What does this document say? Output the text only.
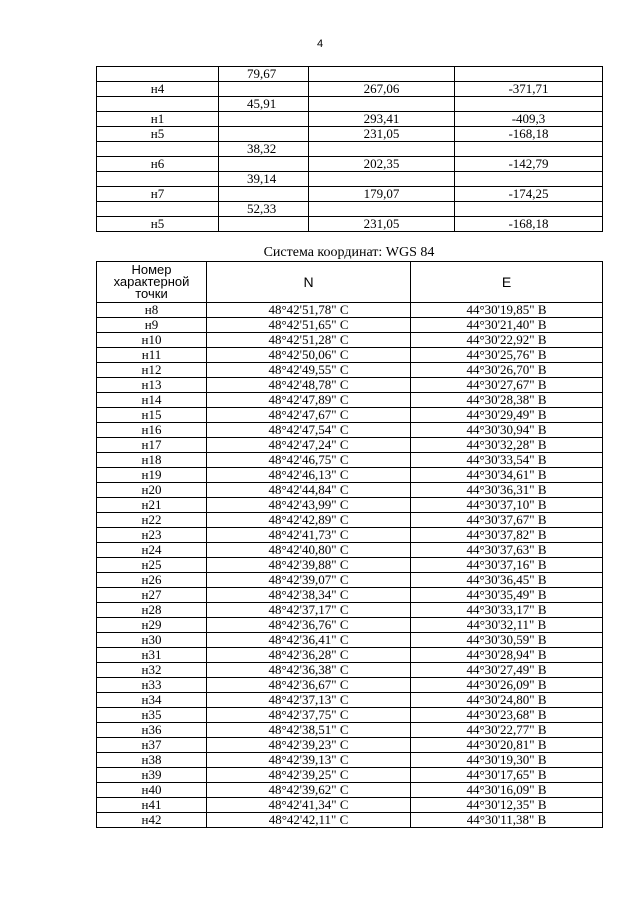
4
	79,67		
н4		267,06	-371,71
	45,91		
н1		293,41	-409,3
н5		231,05	-168,18
	38,32		
н6		202,35	-142,79
	39,14		
н7		179,07	-174,25
	52,33		
н5		231,05	-168,18
Система координат: WGS 84
Номер характерной точки	N	E
н8	48°42'51,78" С	44°30'19,85" В
н9	48°42'51,65" С	44°30'21,40" В
н10	48°42'51,28" С	44°30'22,92" В
н11	48°42'50,06" С	44°30'25,76" В
н12	48°42'49,55" С	44°30'26,70" В
н13	48°42'48,78" С	44°30'27,67" В
н14	48°42'47,89" С	44°30'28,38" В
н15	48°42'47,67" С	44°30'29,49" В
н16	48°42'47,54" С	44°30'30,94" В
н17	48°42'47,24" С	44°30'32,28" В
н18	48°42'46,75" С	44°30'33,54" В
н19	48°42'46,13" С	44°30'34,61" В
н20	48°42'44,84" С	44°30'36,31" В
н21	48°42'43,99" С	44°30'37,10" В
н22	48°42'42,89" С	44°30'37,67" В
н23	48°42'41,73" С	44°30'37,82" В
н24	48°42'40,80" С	44°30'37,63" В
н25	48°42'39,88" С	44°30'37,16" В
н26	48°42'39,07" С	44°30'36,45" В
н27	48°42'38,34" С	44°30'35,49" В
н28	48°42'37,17" С	44°30'33,17" В
н29	48°42'36,76" С	44°30'32,11" В
н30	48°42'36,41" С	44°30'30,59" В
н31	48°42'36,28" С	44°30'28,94" В
н32	48°42'36,38" С	44°30'27,49" В
н33	48°42'36,67" С	44°30'26,09" В
н34	48°42'37,13" С	44°30'24,80" В
н35	48°42'37,75" С	44°30'23,68" В
н36	48°42'38,51" С	44°30'22,77" В
н37	48°42'39,23" С	44°30'20,81" В
н38	48°42'39,13" С	44°30'19,30" В
н39	48°42'39,25" С	44°30'17,65" В
н40	48°42'39,62" С	44°30'16,09" В
н41	48°42'41,34" С	44°30'12,35" В
н42	48°42'42,11" С	44°30'11,38" В
